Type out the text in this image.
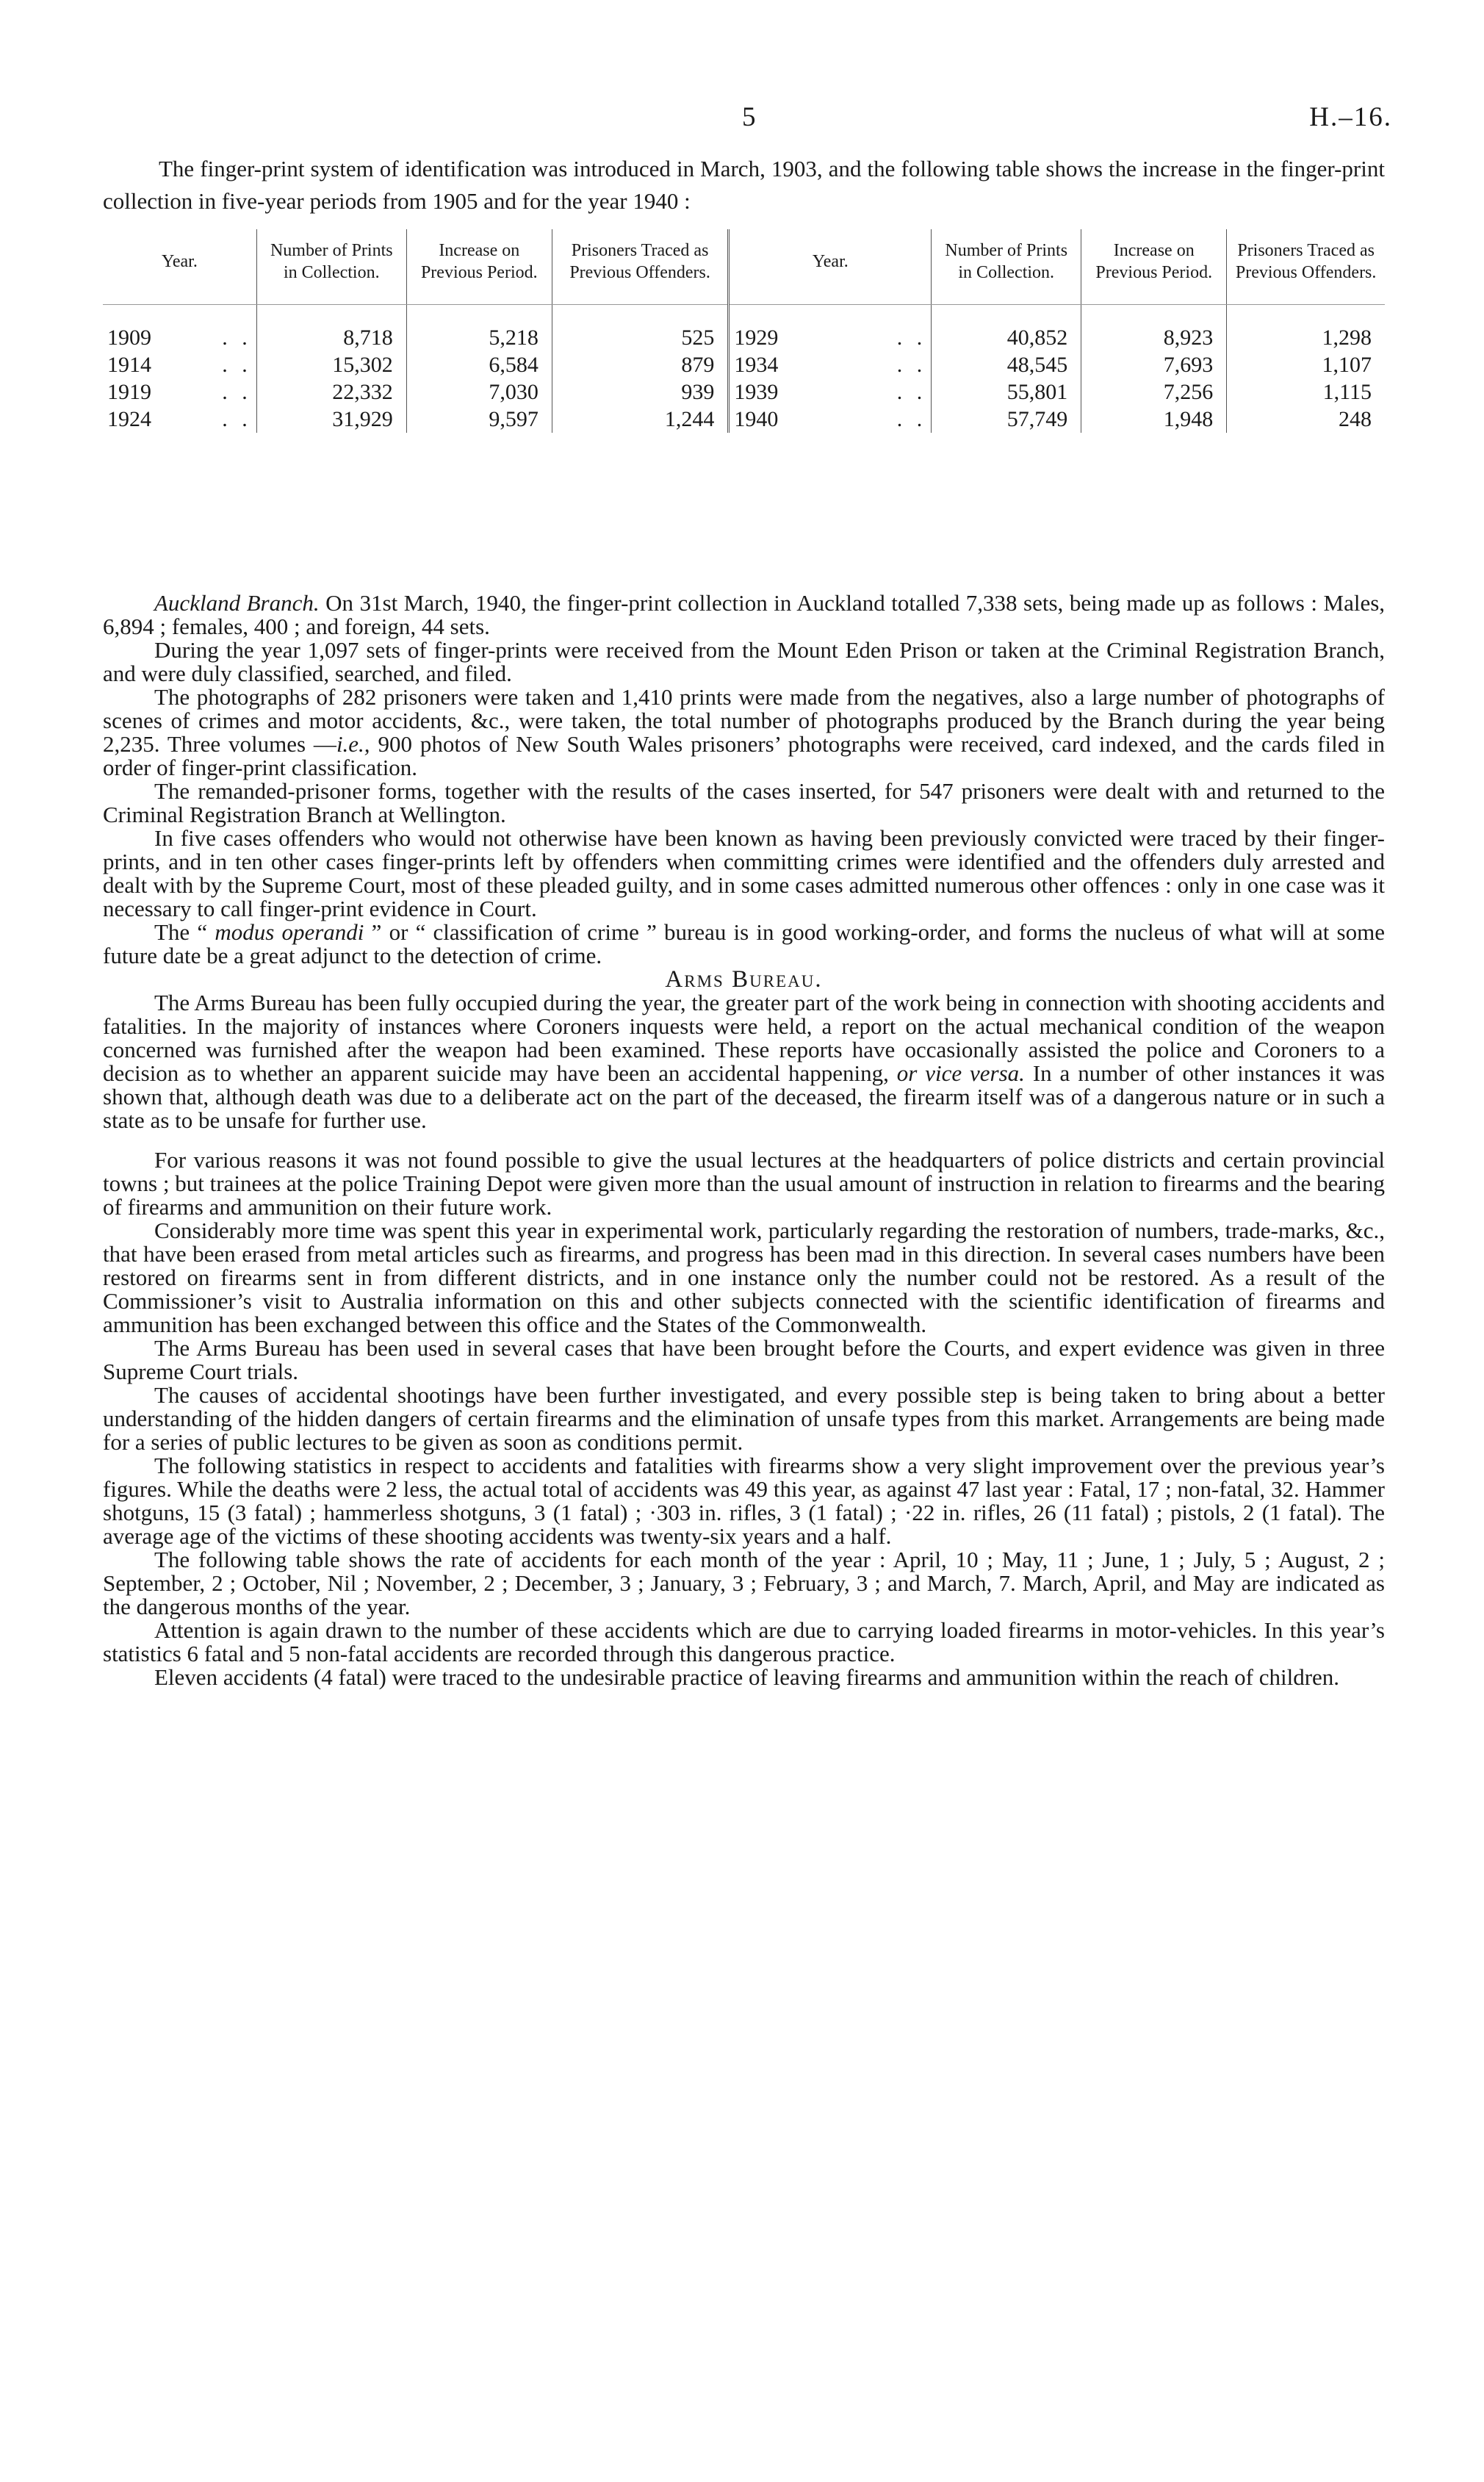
5	H.–16.

The finger-print system of identification was introduced in March, 1903, and the following table shows the increase in the finger-print collection in five-year periods from 1905 and for the year 1940 :

Year.	Number of Prints in Collection.	Increase on Previous Period.	Prisoners Traced as Previous Offenders.	Year.	Number of Prints in Collection.	Increase on Previous Period.	Prisoners Traced as Previous Offenders.
1909 . .	8,718	5,218	525	1929 . .	40,852	8,923	1,298
1914 . .	15,302	6,584	879	1934 . .	48,545	7,693	1,107
1919 . .	22,332	7,030	939	1939 . .	55,801	7,256	1,115
1924 . .	31,929	9,597	1,244	1940 . .	57,749	1,948	248

Auckland Branch. On 31st March, 1940, the finger-print collection in Auckland totalled 7,338 sets, being made up as follows : Males, 6,894 ; females, 400 ; and foreign, 44 sets.

During the year 1,097 sets of finger-prints were received from the Mount Eden Prison or taken at the Criminal Registration Branch, and were duly classified, searched, and filed.

The photographs of 282 prisoners were taken and 1,410 prints were made from the negatives, also a large number of photographs of scenes of crimes and motor accidents, &c., were taken, the total number of photographs produced by the Branch during the year being 2,235. Three volumes —i.e., 900 photos of New South Wales prisoners’ photographs were received, card indexed, and the cards filed in order of finger-print classification.

The remanded-prisoner forms, together with the results of the cases inserted, for 547 prisoners were dealt with and returned to the Criminal Registration Branch at Wellington.

In five cases offenders who would not otherwise have been known as having been previously convicted were traced by their finger-prints, and in ten other cases finger-prints left by offenders when committing crimes were identified and the offenders duly arrested and dealt with by the Supreme Court, most of these pleaded guilty, and in some cases admitted numerous other offences : only in one case was it necessary to call finger-print evidence in Court.

The “ modus operandi ” or “ classification of crime ” bureau is in good working-order, and forms the nucleus of what will at some future date be a great adjunct to the detection of crime.

Arms Bureau.

The Arms Bureau has been fully occupied during the year, the greater part of the work being in connection with shooting accidents and fatalities. In the majority of instances where Coroners inquests were held, a report on the actual mechanical condition of the weapon concerned was furnished after the weapon had been examined. These reports have occasionally assisted the police and Coroners to a decision as to whether an apparent suicide may have been an accidental happening, or vice versa. In a number of other instances it was shown that, although death was due to a deliberate act on the part of the deceased, the firearm itself was of a dangerous nature or in such a state as to be unsafe for further use.

For various reasons it was not found possible to give the usual lectures at the headquarters of police districts and certain provincial towns ; but trainees at the police Training Depot were given more than the usual amount of instruction in relation to firearms and the bearing of firearms and ammunition on their future work.

Considerably more time was spent this year in experimental work, particularly regarding the restoration of numbers, trade-marks, &c., that have been erased from metal articles such as firearms, and progress has been mad in this direction. In several cases numbers have been restored on firearms sent in from different districts, and in one instance only the number could not be restored. As a result of the Commissioner’s visit to Australia information on this and other subjects connected with the scientific identification of firearms and ammunition has been exchanged between this office and the States of the Commonwealth.

The Arms Bureau has been used in several cases that have been brought before the Courts, and expert evidence was given in three Supreme Court trials.

The causes of accidental shootings have been further investigated, and every possible step is being taken to bring about a better understanding of the hidden dangers of certain firearms and the elimination of unsafe types from this market. Arrangements are being made for a series of public lectures to be given as soon as conditions permit.

The following statistics in respect to accidents and fatalities with firearms show a very slight improvement over the previous year’s figures. While the deaths were 2 less, the actual total of accidents was 49 this year, as against 47 last year : Fatal, 17 ; non-fatal, 32. Hammer shotguns, 15 (3 fatal) ; hammerless shotguns, 3 (1 fatal) ; ·303 in. rifles, 3 (1 fatal) ; ·22 in. rifles, 26 (11 fatal) ; pistols, 2 (1 fatal). The average age of the victims of these shooting accidents was twenty-six years and a half.

The following table shows the rate of accidents for each month of the year : April, 10 ; May, 11 ; June, 1 ; July, 5 ; August, 2 ; September, 2 ; October, Nil ; November, 2 ; December, 3 ; January, 3 ; February, 3 ; and March, 7. March, April, and May are indicated as the dangerous months of the year.

Attention is again drawn to the number of these accidents which are due to carrying loaded firearms in motor-vehicles. In this year’s statistics 6 fatal and 5 non-fatal accidents are recorded through this dangerous practice.

Eleven accidents (4 fatal) were traced to the undesirable practice of leaving firearms and ammunition within the reach of children.
